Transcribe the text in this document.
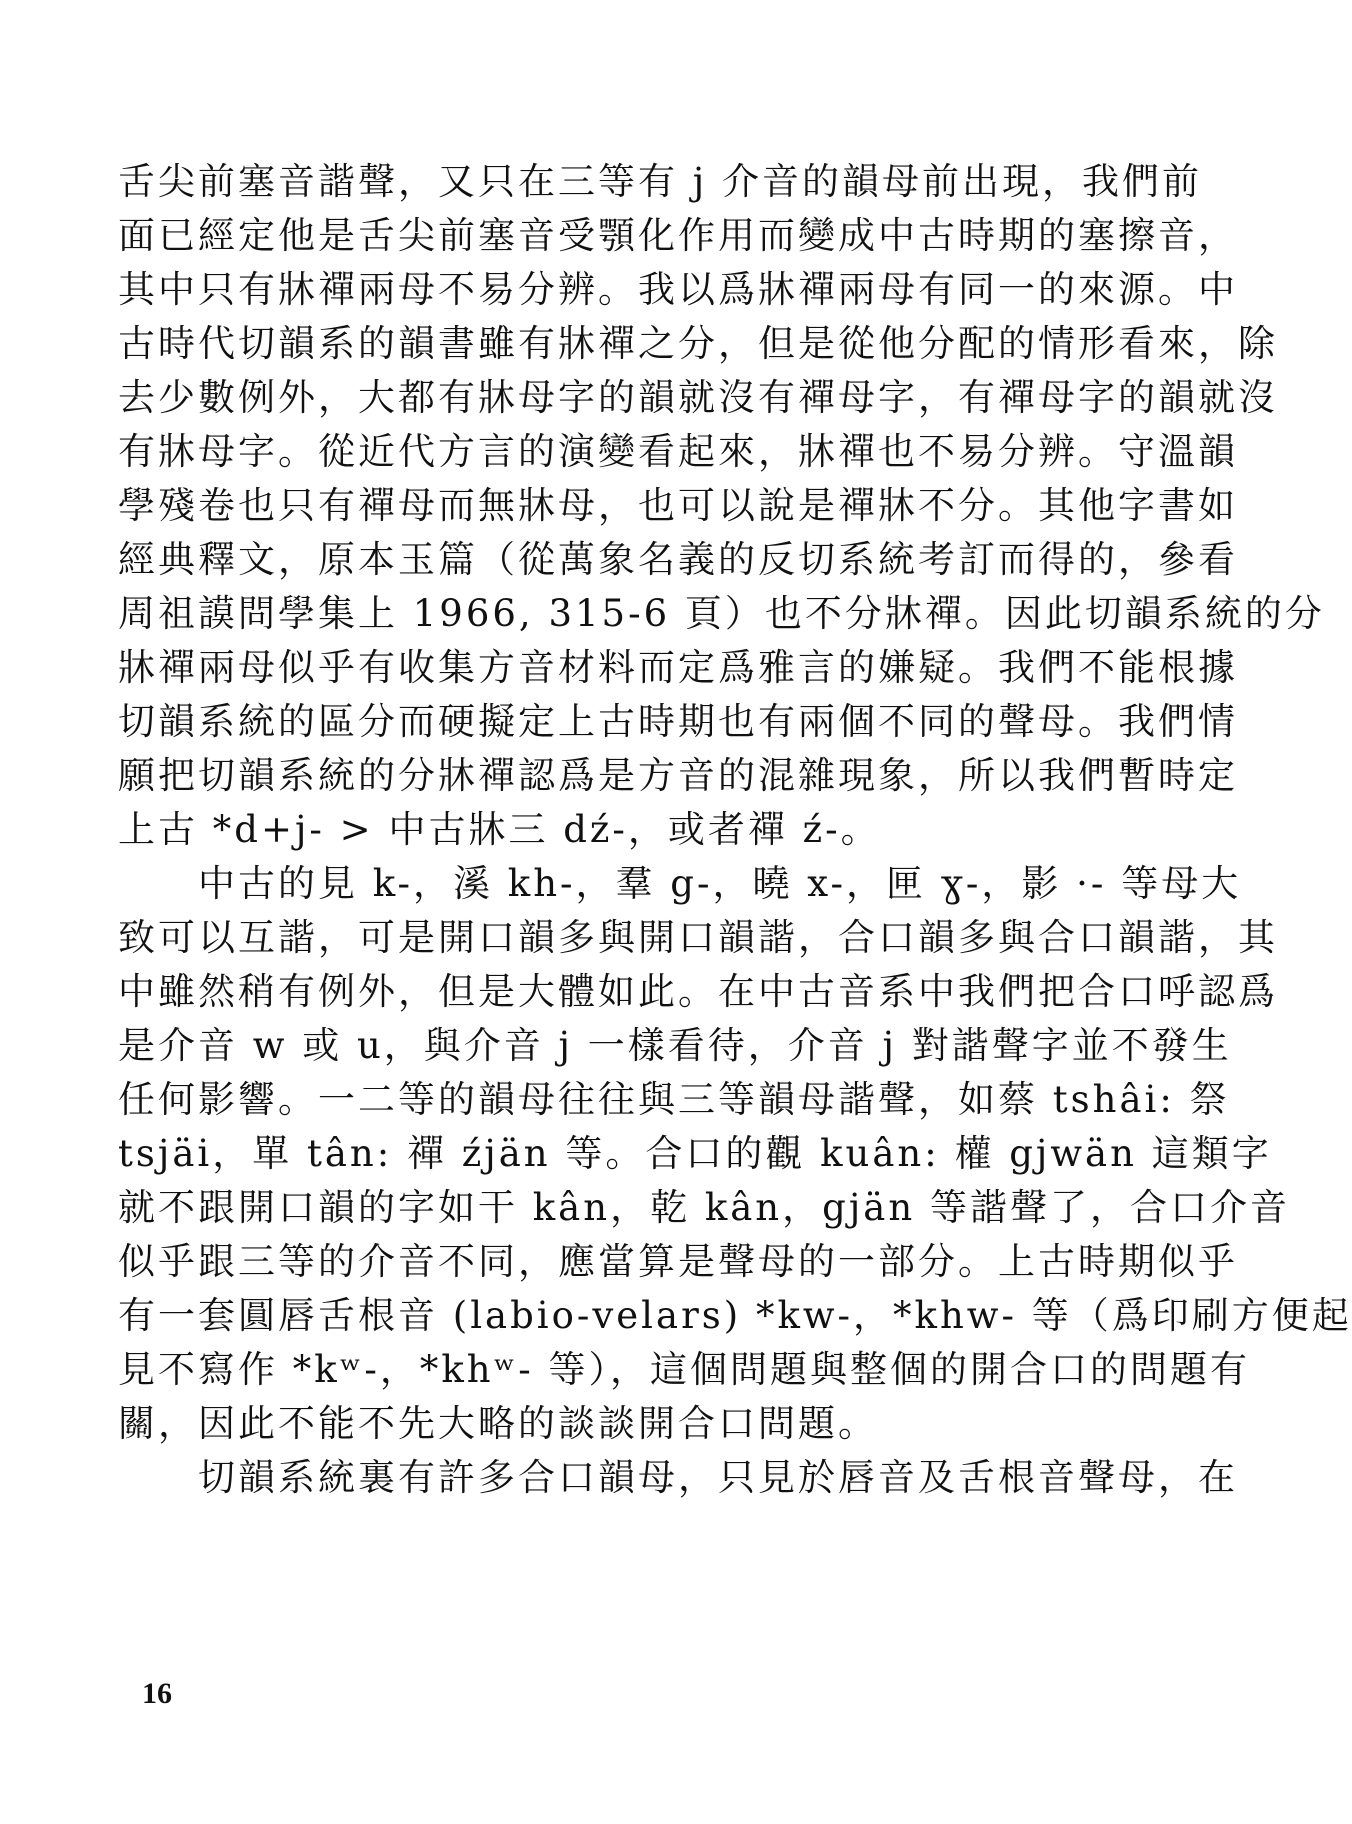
舌尖前塞音諧聲，又只在三等有 j 介音的韻母前出現，我們前
面已經定他是舌尖前塞音受顎化作用而變成中古時期的塞擦音，
其中只有牀禪兩母不易分辨。我以爲牀禪兩母有同一的來源。中
古時代切韻系的韻書雖有牀禪之分，但是從他分配的情形看來，除
去少數例外，大都有牀母字的韻就沒有禪母字，有禪母字的韻就沒
有牀母字。從近代方言的演變看起來，牀禪也不易分辨。守溫韻
學殘卷也只有禪母而無牀母，也可以說是禪牀不分。其他字書如
經典釋文，原本玉篇（從萬象名義的反切系統考訂而得的，參看
周祖謨問學集上 1966, 315-6 頁）也不分牀禪。因此切韻系統的分
牀禪兩母似乎有收集方音材料而定爲雅言的嫌疑。我們不能根據
切韻系統的區分而硬擬定上古時期也有兩個不同的聲母。我們情
願把切韻系統的分牀禪認爲是方音的混雜現象，所以我們暫時定
上古 *d+j- > 中古牀三 dź-，或者禪 ź-。
　　中古的見 k-，溪 kh-，羣 g-，曉 x-，匣 ɣ-，影 ·- 等母大
致可以互諧，可是開口韻多與開口韻諧，合口韻多與合口韻諧，其
中雖然稍有例外，但是大體如此。在中古音系中我們把合口呼認爲
是介音 w 或 u，與介音 j 一樣看待，介音 j 對諧聲字並不發生
任何影響。一二等的韻母往往與三等韻母諧聲，如蔡 tshâi: 祭
tsjäi，單 tân: 禪 źjän 等。合口的觀 kuân: 權 gjwän 這類字
就不跟開口韻的字如干 kân，乾 kân，gjän 等諧聲了，合口介音
似乎跟三等的介音不同，應當算是聲母的一部分。上古時期似乎
有一套圓唇舌根音 (labio-velars) *kw-，*khw- 等（爲印刷方便起
見不寫作 *kʷ-，*khʷ- 等），這個問題與整個的開合口的問題有
關，因此不能不先大略的談談開合口問題。
　　切韻系統裏有許多合口韻母，只見於唇音及舌根音聲母，在
16
